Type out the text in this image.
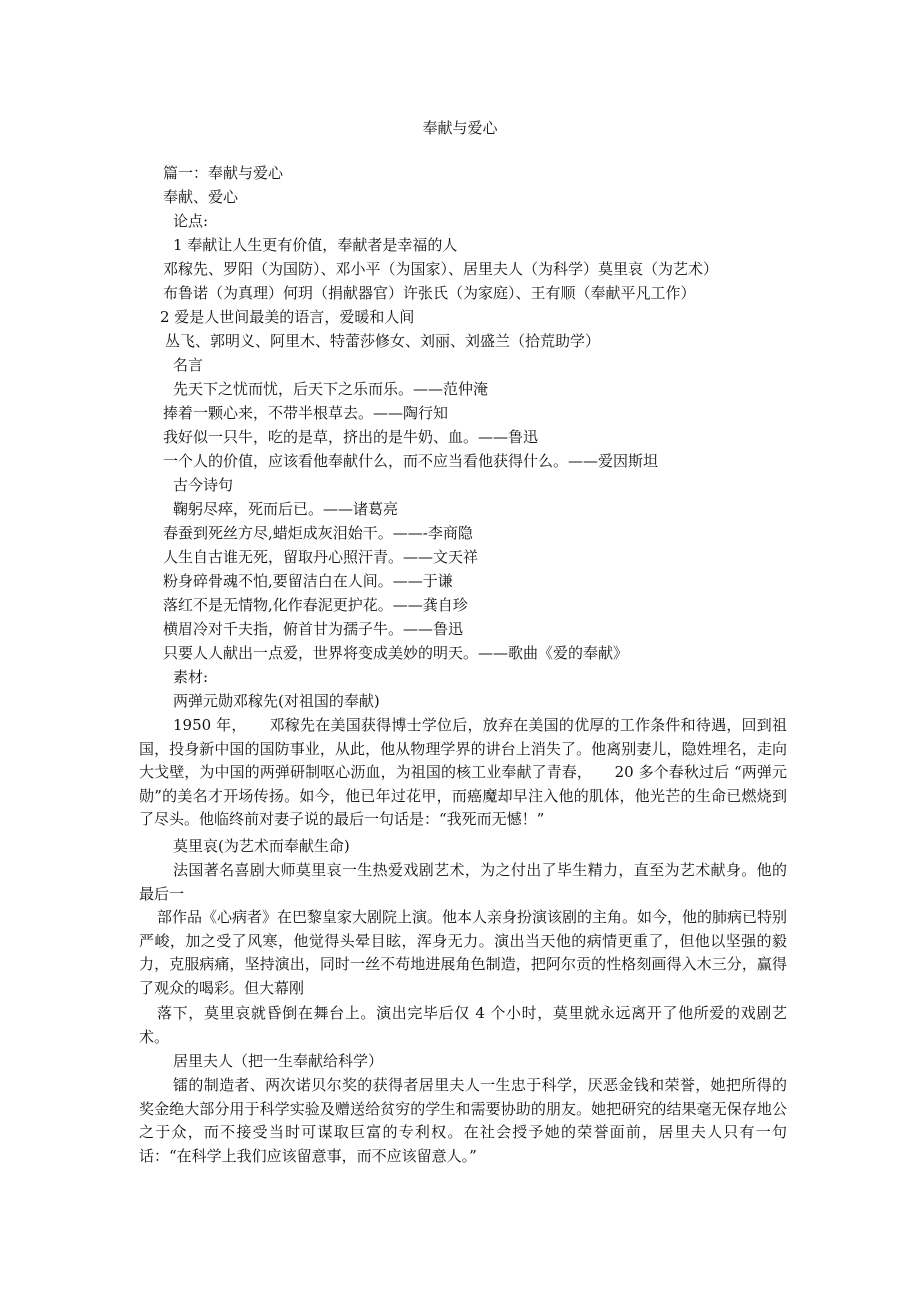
奉献与爱心
篇一：奉献与爱心
奉献、爱心
论点:
1 奉献让人生更有价值，奉献者是幸福的人
邓稼先、罗阳（为国防）、邓小平（为国家）、居里夫人（为科学）莫里哀（为艺术）
布鲁诺（为真理）何玥（捐献器官）许张氏（为家庭）、王有顺（奉献平凡工作）
2 爱是人世间最美的语言，爱暖和人间
丛飞、郭明义、阿里木、特蕾莎修女、刘丽、刘盛兰（拾荒助学）
名言
先天下之忧而忧，后天下之乐而乐。——范仲淹
捧着一颗心来，不带半根草去。——陶行知
我好似一只牛，吃的是草，挤出的是牛奶、血。——鲁迅
一个人的价值，应该看他奉献什么，而不应当看他获得什么。——爱因斯坦
古今诗句
鞠躬尽瘁，死而后已。——诸葛亮
春蚕到死丝方尽,蜡炬成灰泪始干。——-李商隐
人生自古谁无死，留取丹心照汗青。——文天祥
粉身碎骨魂不怕,要留洁白在人间。——于谦
落红不是无情物,化作春泥更护花。——龚自珍
横眉冷对千夫指，俯首甘为孺子牛。——鲁迅
只要人人献出一点爱，世界将变成美妙的明天。——歌曲《爱的奉献》
素材:
两弹元勋邓稼先(对祖国的奉献)
1950 年，　　邓稼先在美国获得博士学位后，放弃在美国的优厚的工作条件和待遇，回到祖国，投身新中国的国防事业，从此，他从物理学界的讲台上消失了。他离别妻儿，隐姓埋名，走向大戈壁，为中国的两弹研制呕心沥血，为祖国的核工业奉献了青春，　　20 多个春秋过后 “两弹元勋”的美名才开场传扬。如今，他已年过花甲，而癌魔却早注入他的肌体，他光芒的生命已燃烧到了尽头。他临终前对妻子说的最后一句话是：“我死而无憾！”
莫里哀(为艺术而奉献生命)
法国著名喜剧大师莫里哀一生热爱戏剧艺术，为之付出了毕生精力，直至为艺术献身。他的最后一
部作品《心病者》在巴黎皇家大剧院上演。他本人亲身扮演该剧的主角。如今，他的肺病已特别严峻，加之受了风寒，他觉得头晕目眩，浑身无力。演出当天他的病情更重了，但他以坚强的毅力，克服病痛，坚持演出，同时一丝不苟地进展角色制造，把阿尔贡的性格刻画得入木三分，赢得了观众的喝彩。但大幕刚
落下，莫里哀就昏倒在舞台上。演出完毕后仅 4 个小时，莫里就永远离开了他所爱的戏剧艺术。
居里夫人（把一生奉献给科学）
镭的制造者、两次诺贝尔奖的获得者居里夫人一生忠于科学，厌恶金钱和荣誉，她把所得的奖金绝大部分用于科学实验及赠送给贫穷的学生和需要协助的朋友。她把研究的结果毫无保存地公之于众，而不接受当时可谋取巨富的专利权。在社会授予她的荣誉面前，居里夫人只有一句话：“在科学上我们应该留意事，而不应该留意人。”
